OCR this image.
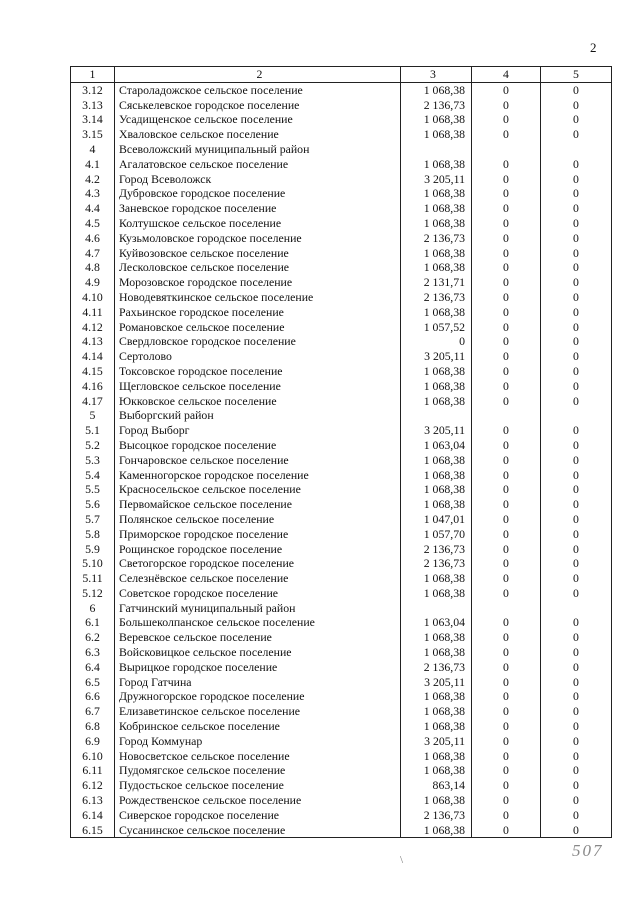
2
1	2	3	4	5
3.12	Староладожское сельское поселение	1 068,38	0	0
3.13	Сяськелевское городское поселение	2 136,73	0	0
3.14	Усадищенское сельское поселение	1 068,38	0	0
3.15	Хваловское сельское поселение	1 068,38	0	0
4	Всеволожский муниципальный район			
4.1	Агалатовское сельское поселение	1 068,38	0	0
4.2	Город Всеволожск	3 205,11	0	0
4.3	Дубровское городское поселение	1 068,38	0	0
4.4	Заневское городское поселение	1 068,38	0	0
4.5	Колтушское сельское поселение	1 068,38	0	0
4.6	Кузьмоловское городское поселение	2 136,73	0	0
4.7	Куйвозовское сельское поселение	1 068,38	0	0
4.8	Лесколовское сельское поселение	1 068,38	0	0
4.9	Морозовское городское поселение	2 131,71	0	0
4.10	Новодевяткинское сельское поселение	2 136,73	0	0
4.11	Рахьинское городское поселение	1 068,38	0	0
4.12	Романовское сельское поселение	1 057,52	0	0
4.13	Свердловское городское поселение	0	0	0
4.14	Сертолово	3 205,11	0	0
4.15	Токсовское городское поселение	1 068,38	0	0
4.16	Щегловское сельское поселение	1 068,38	0	0
4.17	Юкковское сельское поселение	1 068,38	0	0
5	Выборгский район			
5.1	Город Выборг	3 205,11	0	0
5.2	Высоцкое городское поселение	1 063,04	0	0
5.3	Гончаровское сельское поселение	1 068,38	0	0
5.4	Каменногорское городское поселение	1 068,38	0	0
5.5	Красносельское сельское поселение	1 068,38	0	0
5.6	Первомайское сельское поселение	1 068,38	0	0
5.7	Полянское сельское поселение	1 047,01	0	0
5.8	Приморское городское поселение	1 057,70	0	0
5.9	Рощинское городское поселение	2 136,73	0	0
5.10	Светогорское городское поселение	2 136,73	0	0
5.11	Селезнёвское сельское поселение	1 068,38	0	0
5.12	Советское городское поселение	1 068,38	0	0
6	Гатчинский муниципальный район			
6.1	Большеколпанское сельское поселение	1 063,04	0	0
6.2	Веревское сельское поселение	1 068,38	0	0
6.3	Войсковицкое сельское поселение	1 068,38	0	0
6.4	Вырицкое городское поселение	2 136,73	0	0
6.5	Город Гатчина	3 205,11	0	0
6.6	Дружногорское городское поселение	1 068,38	0	0
6.7	Елизаветинское сельское поселение	1 068,38	0	0
6.8	Кобринское сельское поселение	1 068,38	0	0
6.9	Город Коммунар	3 205,11	0	0
6.10	Новосветское сельское поселение	1 068,38	0	0
6.11	Пудомягское сельское поселение	1 068,38	0	0
6.12	Пудостьское сельское поселение	863,14	0	0
6.13	Рождественское сельское поселение	1 068,38	0	0
6.14	Сиверское городское поселение	2 136,73	0	0
6.15	Сусанинское сельское поселение	1 068,38	0	0
\	507
